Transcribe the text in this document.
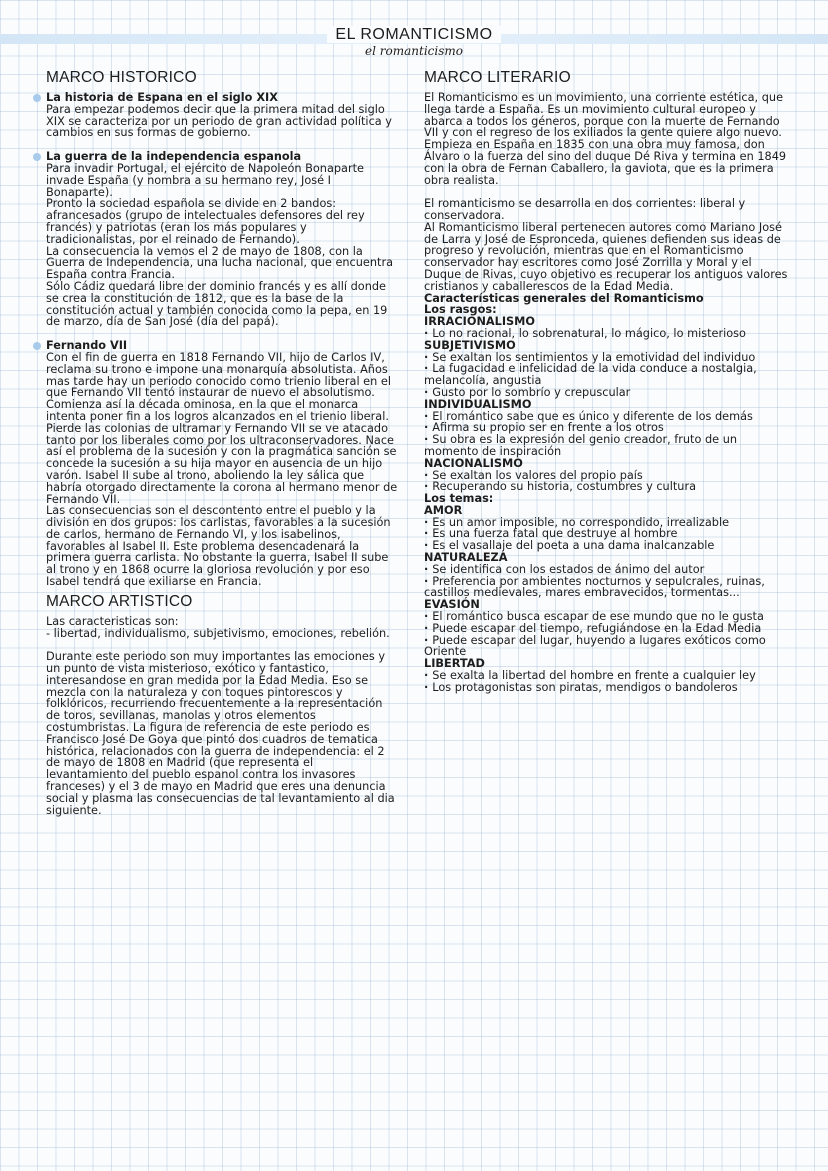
EL ROMANTICISMO
el romanticismo
MARCO HISTORICO
La historia de Espana en el siglo XIX

Para empezar podemos decir que la primera mitad del siglo XIX se caracteriza por un periodo de gran actividad política y cambios en sus formas de gobierno.

La guerra de la independencia espanola

Para invadir Portugal, el ejército de Napoleón Bonaparte invade España (y nombra a su hermano rey, José I Bonaparte).

Pronto la sociedad española se divide en 2 bandos: afrancesados (grupo de intelectuales defensores del rey francés) y patriotas (eran los más populares y tradicionalistas, por el reinado de Fernando).

La consecuencia la vemos el 2 de mayo de 1808, con la Guerra de Independencia, una lucha nacional, que encuentra España contra Francia.

Sólo Cádiz quedará libre der dominio francés y es allí donde se crea la constitución de 1812, que es la base de la constitución actual y también conocida como la pepa, en 19 de marzo, día de San José (día del papá).

Fernando VII

Con el fin de guerra en 1818 Fernando VII, hijo de Carlos IV, reclama su trono e impone una monarquía absolutista. Años mas tarde hay un periodo conocido como trienio liberal en el que Fernando VII tentó instaurar de nuevo el absolutismo. Comienza así la década ominosa, en la que el monarca intenta poner fin a los logros alcanzados en el trienio liberal.

Pierde las colonias de ultramar y Fernando VII se ve atacado tanto por los liberales como por los ultraconservadores. Nace así el problema de la sucesión y con la pragmática sanción se concede la sucesión a su hija mayor en ausencia de un hijo varón. Isabel II sube al trono, aboliendo la ley sálica que habría otorgado directamente la corona al hermano menor de Fernando VII.

Las consecuencias son el descontento entre el pueblo y la división en dos grupos: los carlistas, favorables a la sucesión de carlos, hermano de Fernando VI, y los isabelinos, favorables al Isabel II. Este problema desencadenará la primera guerra carlista. No obstante la guerra, Isabel II sube al trono y en 1868 ocurre la gloriosa revolución y por eso Isabel tendrá que exiliarse en Francia.

MARCO ARTISTICO

Las caracteristicas son:

- libertad, individualismo, subjetivismo, emociones, rebelión.

Durante este periodo son muy importantes las emociones y un punto de vista misterioso, exótico y fantastico, interesandose en gran medida por la Edad Media. Eso se mezcla con la naturaleza y con toques pintorescos y folklóricos, recurriendo frecuentemente a la representación de toros, sevillanas, manolas y otros elementos costumbristas. La figura de referencia de este periodo es Francisco José De Goya que pintó dos cuadros de tematica histórica, relacionados con la guerra de independencia: el 2 de mayo de 1808 en Madrid (que representa el levantamiento del pueblo espanol contra los invasores franceses) y el 3 de mayo en Madrid que eres una denuncia social y plasma las consecuencias de tal levantamiento al dia siguiente.

MARCO LITERARIO

El Romanticismo es un movimiento, una corriente estética, que llega tarde a España. Es un movimiento cultural europeo y abarca a todos los géneros, porque con la muerte de Fernando VII y con el regreso de los exiliados la gente quiere algo nuevo. Empieza en España en 1835 con una obra muy famosa, don Álvaro o la fuerza del sino del duque Dé Riva y termina en 1849 con la obra de Fernan Caballero, la gaviota, que es la primera obra realista.

El romanticismo se desarrolla en dos corrientes: liberal y conservadora.

Al Romanticismo liberal pertenecen autores como Mariano José de Larra y José de Espronceda, quienes defienden sus ideas de progreso y revolución, mientras que en el Romanticismo conservador hay escritores como José Zorrilla y Moral y el Duque de Rivas, cuyo objetivo es recuperar los antiguos valores cristianos y caballerescos de la Edad Media.

Características generales del Romanticismo

Los rasgos:

IRRACIONALISMO
· Lo no racional, lo sobrenatural, lo mágico, lo misterioso
SUBJETIVISMO
· Se exaltan los sentimientos y la emotividad del individuo
· La fugacidad e infelicidad de la vida conduce a nostalgia, melancolía, angustia
· Gusto por lo sombrío y crepuscular
INDIVIDUALISMO
· El romántico sabe que es único y diferente de los demás
· Afirma su propio ser en frente a los otros
· Su obra es la expresión del genio creador, fruto de un momento de inspiración
NACIONALISMO
· Se exaltan los valores del propio país
· Recuperando su historia, costumbres y cultura

Los temas:

AMOR
· Es un amor imposible, no correspondido, irrealizable
· Es una fuerza fatal que destruye al hombre
· Es el vasallaje del poeta a una dama inalcanzable
NATURALEZA
· Se identifica con los estados de ánimo del autor
· Preferencia por ambientes nocturnos y sepulcrales, ruinas, castillos medievales, mares embravecidos, tormentas...
EVASIÓN
· El romántico busca escapar de ese mundo que no le gusta
· Puede escapar del tiempo, refugiándose en la Edad Media
· Puede escapar del lugar, huyendo a lugares exóticos como Oriente
LIBERTAD
· Se exalta la libertad del hombre en frente a cualquier ley
· Los protagonistas son piratas, mendigos o bandoleros
